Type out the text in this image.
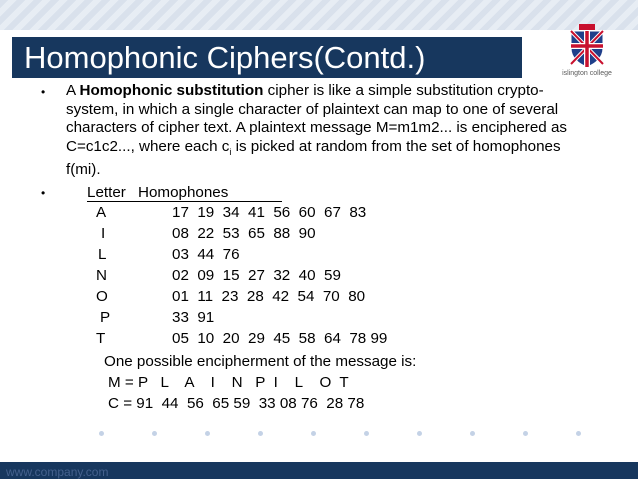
Homophonic Ciphers(Contd.)	islington college
• A Homophonic substitution cipher is like a simple substitution crypto-system, in which a single character of plaintext can map to one of several characters of cipher text. A plaintext message M=m1m2... is enciphered as C=c1c2..., where each $c_i$ is picked at random from the set of homophones f(mi).

•	Letter Homophones
A	17  19  34  41  56  60  67  83
I	08  22  53  65  88  90
L	03  44  76
N	02  09  15  27  32  40  59
O	01  11  23  28  42  54  70  80
P	33  91
T	05  10  20  29  45  58  64  78 99
One possible encipherment of the message is:
M = P   L    A    I    N   P  I    L    O  T
C = 91  44  56  65 59  33 08 76  28 78
www.company.com
